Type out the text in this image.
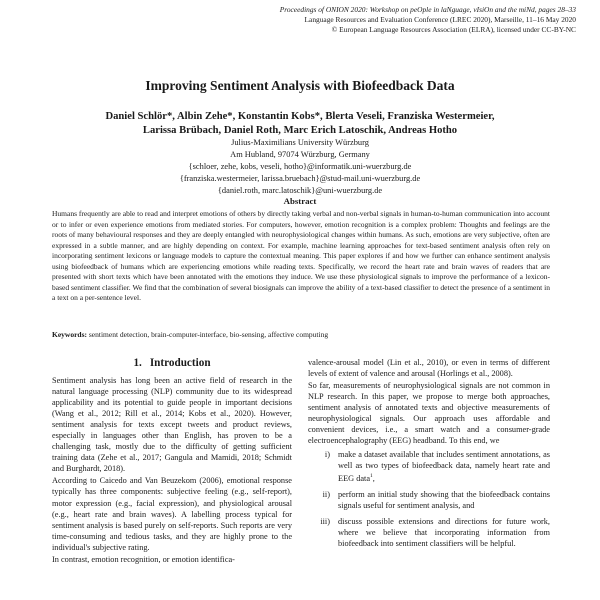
Proceedings of ONION 2020: Workshop on peOple in laNguage, vIsiOn and the miNd, pages 28–33
Language Resources and Evaluation Conference (LREC 2020), Marseille, 11–16 May 2020
© European Language Resources Association (ELRA), licensed under CC-BY-NC
Improving Sentiment Analysis with Biofeedback Data
Daniel Schlör*, Albin Zehe*, Konstantin Kobs*, Blerta Veseli, Franziska Westermeier,
Larissa Brübach, Daniel Roth, Marc Erich Latoschik, Andreas Hotho
Julius-Maximilians University Würzburg
Am Hubland, 97074 Würzburg, Germany
{schloer, zehe, kobs, veseli, hotho}@informatik.uni-wuerzburg.de
{franziska.westermeier, larissa.bruebach}@stud-mail.uni-wuerzburg.de
{daniel.roth, marc.latoschik}@uni-wuerzburg.de
Abstract
Humans frequently are able to read and interpret emotions of others by directly taking verbal and non-verbal signals in human-to-human communication into account or to infer or even experience emotions from mediated stories. For computers, however, emotion recognition is a complex problem: Thoughts and feelings are the roots of many behavioural responses and they are deeply entangled with neurophysiological changes within humans. As such, emotions are very subjective, often are expressed in a subtle manner, and are highly depending on context. For example, machine learning approaches for text-based sentiment analysis often rely on incorporating sentiment lexicons or language models to capture the contextual meaning. This paper explores if and how we further can enhance sentiment analysis using biofeedback of humans which are experiencing emotions while reading texts. Specifically, we record the heart rate and brain waves of readers that are presented with short texts which have been annotated with the emotions they induce. We use these physiological signals to improve the performance of a lexicon-based sentiment classifier. We find that the combination of several biosignals can improve the ability of a text-based classifier to detect the presence of a sentiment in a text on a per-sentence level.
Keywords: sentiment detection, brain-computer-interface, bio-sensing, affective computing
1. Introduction

Sentiment analysis has long been an active field of research in the natural language processing (NLP) community due to its widespread applicability and its potential to guide people in important decisions (Wang et al., 2012; Rill et al., 2014; Kobs et al., 2020). However, sentiment analysis for texts except tweets and product reviews, especially in languages other than English, has proven to be a challenging task, mostly due to the difficulty of getting sufficient training data (Zehe et al., 2017; Gangula and Mamidi, 2018; Schmidt and Burghardt, 2018).

According to Caicedo and Van Beuzekom (2006), emotional response typically has three components: subjective feeling (e.g., self-report), motor expression (e.g., facial expression), and physiological arousal (e.g., heart rate and brain waves). A labelling process typical for sentiment analysis is based purely on self-reports. Such reports are very time-consuming and tedious tasks, and they are highly prone to the individual's subjective rating.

In contrast, emotion recognition, or emotion identifica-

valence-arousal model (Lin et al., 2010), or even in terms of different levels of extent of valence and arousal (Horlings et al., 2008).

So far, measurements of neurophysiological signals are not common in NLP research. In this paper, we propose to merge both approaches, sentiment analysis of annotated texts and objective measurements of neurophysiological signals. Our approach uses affordable and convenient devices, i.e., a smart watch and a consumer-grade electroencephalography (EEG) headband. To this end, we

i) make a dataset available that includes sentiment annotations, as well as two types of biofeedback data, namely heart rate and EEG data$^1$,
ii) perform an initial study showing that the biofeedback contains signals useful for sentiment analysis, and
iii) discuss possible extensions and directions for future work, where we believe that incorporating information from biofeedback into sentiment classifiers will be helpful.
